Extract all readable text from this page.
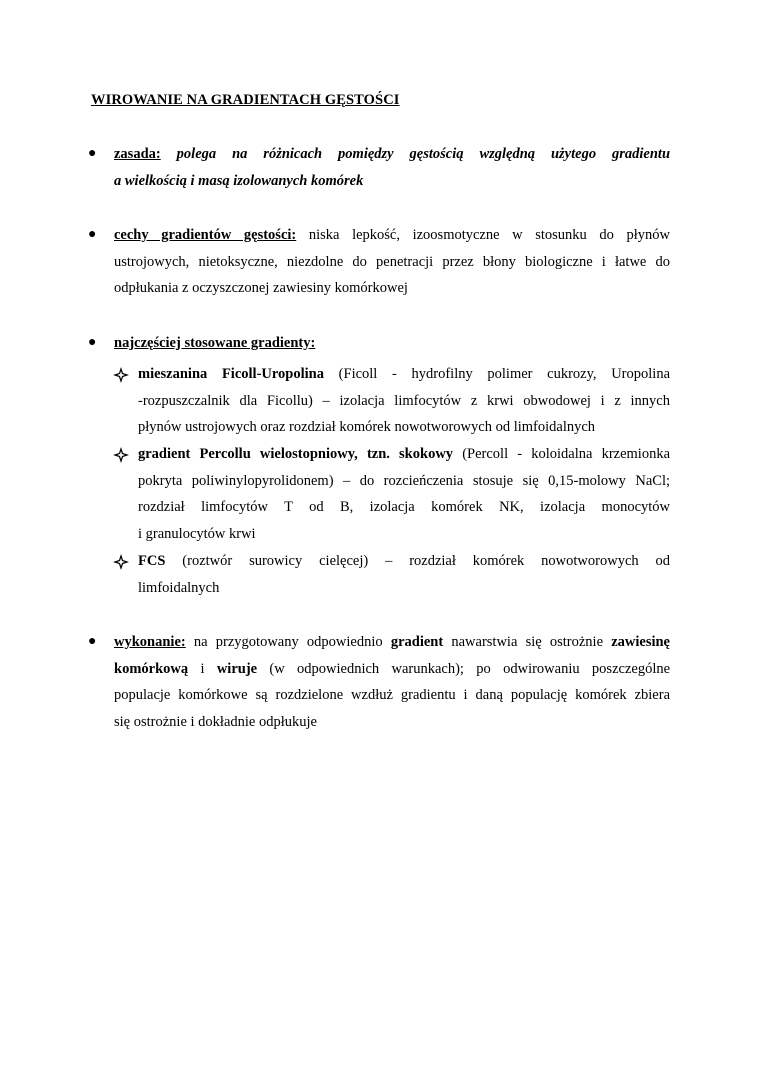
WIROWANIE NA GRADIENTACH GĘSTOŚCI
● zasada: polega na różnicach pomiędzy gęstością względną użytego gradientu
a wielkością i masą izolowanych komórek
● cechy gradientów gęstości: niska lepkość, izoosmotyczne w stosunku do płynów
ustrojowych, nietoksyczne, niezdolne do penetracji przez błony biologiczne i łatwe do
odpłukania z oczyszczonej zawiesiny komórkowej
● najczęściej stosowane gradienty:
mieszanina Ficoll-Uropolina (Ficoll - hydrofilny polimer cukrozy, Uropolina
-rozpuszczalnik dla Ficollu) – izolacja limfocytów z krwi obwodowej i z innych
płynów ustrojowych oraz rozdział komórek nowotworowych od limfoidalnych
gradient Percollu wielostopniowy, tzn. skokowy (Percoll - koloidalna krzemionka
pokryta poliwinylopyrolidonem) – do rozcieńczenia stosuje się 0,15-molowy NaCl;
rozdział limfocytów T od B, izolacja komórek NK, izolacja monocytów
i granulocytów krwi
FCS (roztwór surowicy cielęcej) – rozdział komórek nowotworowych od
limfoidalnych
● wykonanie: na przygotowany odpowiednio gradient nawarstwia się ostrożnie zawiesinę
komórkową i wiruje (w odpowiednich warunkach); po odwirowaniu poszczególne
populacje komórkowe są rozdzielone wzdłuż gradientu i daną populację komórek zbiera
się ostrożnie i dokładnie odpłukuje
